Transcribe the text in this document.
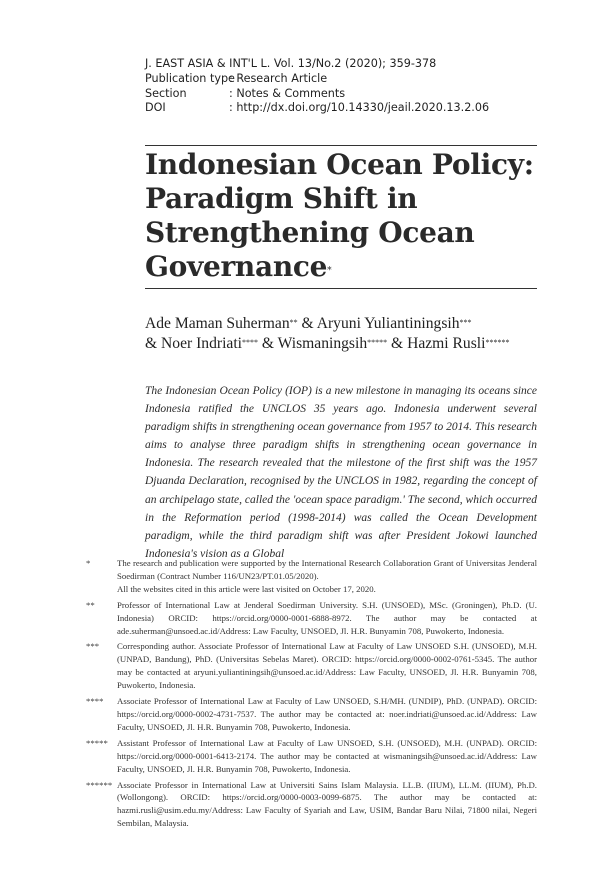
J. EAST ASIA & INT'L L. Vol. 13/No.2 (2020); 359-378
Publication type: Research Article
Section	: Notes & Comments
DOI	: http://dx.doi.org/10.14330/jeail.2020.13.2.06
Indonesian Ocean Policy:
Paradigm Shift in
Strengthening Ocean
Governance*
Ade Maman Suherman** & Aryuni Yuliantiningsih***
& Noer Indriati**** & Wismaningsih***** & Hazmi Rusli******

The Indonesian Ocean Policy (IOP) is a new milestone in managing its oceans since Indonesia ratified the UNCLOS 35 years ago. Indonesia underwent several paradigm shifts in strengthening ocean governance from 1957 to 2014. This research aims to analyse three paradigm shifts in strengthening ocean governance in Indonesia. The research revealed that the milestone of the first shift was the 1957 Djuanda Declaration, recognised by the UNCLOS in 1982, regarding the concept of an archipelago state, called the 'ocean space paradigm.' The second, which occurred in the Reformation period (1998-2014) was called the Ocean Development paradigm, while the third paradigm shift was after President Jokowi launched Indonesia's vision as a Global

*	The research and publication were supported by the International Research Collaboration Grant of Universitas Jenderal Soedirman (Contract Number 116/UN23/PT.01.05/2020).

All the websites cited in this article were last visited on October 17, 2020.

**	Professor of International Law at Jenderal Soedirman University. S.H. (UNSOED), MSc. (Groningen), Ph.D. (U. Indonesia) ORCID: https://orcid.org/0000-0001-6888-8972. The author may be contacted at ade.suherman@unsoed.ac.id/Address: Law Faculty, UNSOED, Jl. H.R. Bunyamin 708, Puwokerto, Indonesia.

***	Corresponding author. Associate Professor of International Law at Faculty of Law UNSOED S.H. (UNSOED), M.H. (UNPAD, Bandung), PhD. (Universitas Sebelas Maret). ORCID: https://orcid.org/0000-0002-0761-5345. The author may be contacted at aryuni.yuliantiningsih@unsoed.ac.id/Address: Law Faculty, UNSOED, Jl. H.R. Bunyamin 708, Puwokerto, Indonesia.

****	Associate Professor of International Law at Faculty of Law UNSOED, S.H/MH. (UNDIP), PhD. (UNPAD). ORCID: https://orcid.org/0000-0002-4731-7537. The author may be contacted at: noer.indriati@unsoed.ac.id/Address: Law Faculty, UNSOED, Jl. H.R. Bunyamin 708, Puwokerto, Indonesia.

*****	Assistant Professor of International Law at Faculty of Law UNSOED, S.H. (UNSOED), M.H. (UNPAD). ORCID: https://orcid.org/0000-0001-6413-2174. The author may be contacted at wismaningsih@unsoed.ac.id/Address: Law Faculty, UNSOED, Jl. H.R. Bunyamin 708, Puwokerto, Indonesia.

****** Associate Professor in International Law at Universiti Sains Islam Malaysia. LL.B. (IIUM), LL.M. (IIUM), Ph.D. (Wollongong). ORCID: https://orcid.org/0000-0003-0099-6875. The author may be contacted at: hazmi.rusli@usim.edu.my/Address: Law Faculty of Syariah and Law, USIM, Bandar Baru Nilai, 71800 nilai, Negeri Sembilan, Malaysia.
